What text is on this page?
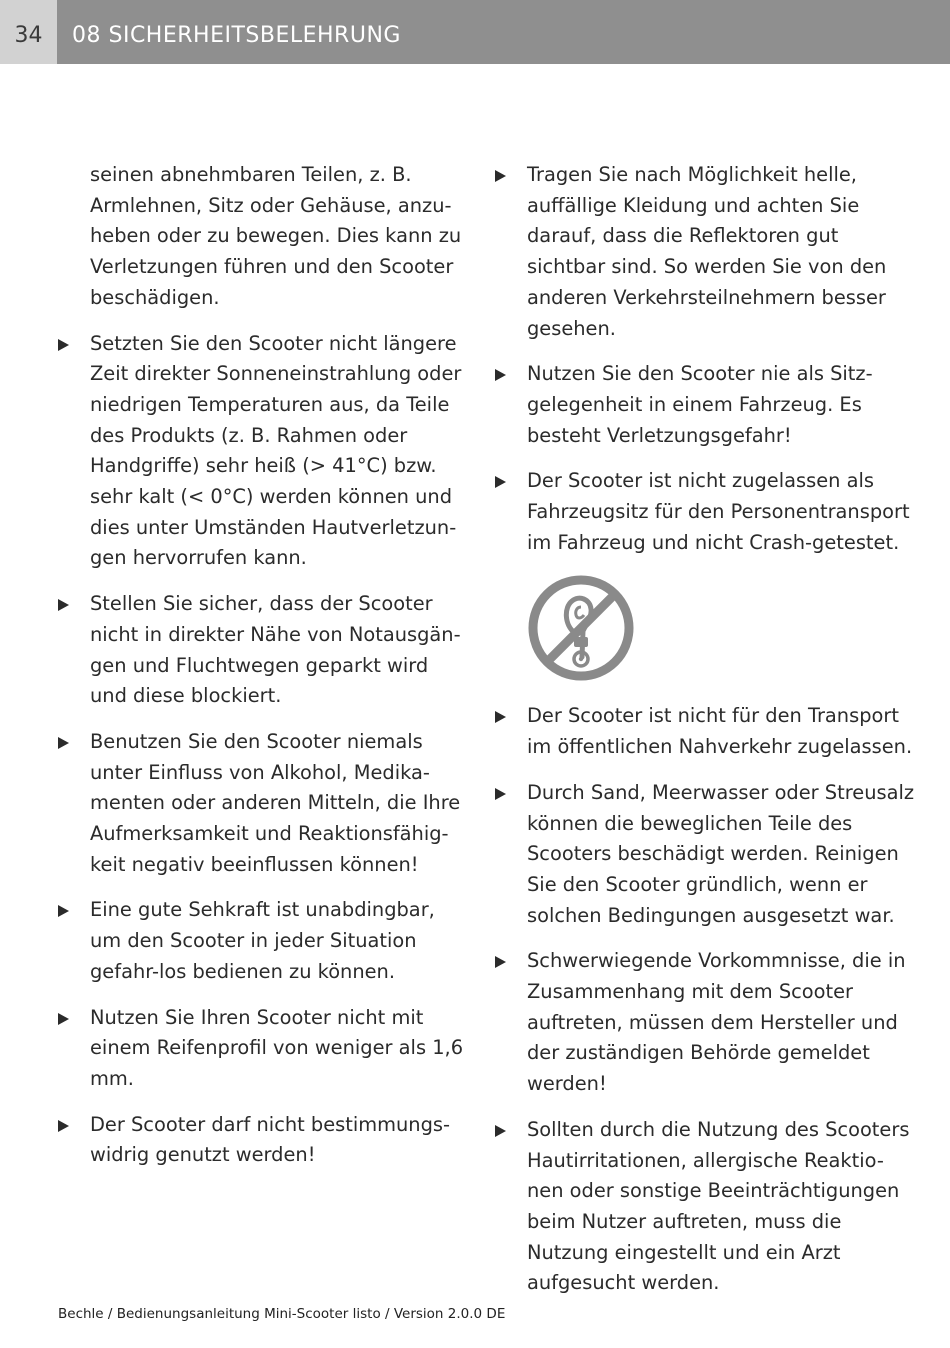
34	08 SICHERHEITSBELEHRUNG

seinen abnehmbaren Teilen, z. B. Armlehnen, Sitz oder Gehäuse, anzu-heben oder zu bewegen. Dies kann zu Verletzungen führen und den Scooter beschädigen.

Setzten Sie den Scooter nicht längere Zeit direkter Sonneneinstrahlung oder niedrigen Temperaturen aus, da Teile des Produkts (z. B. Rahmen oder Handgriffe) sehr heiß (> 41°C) bzw. sehr kalt (< 0°C) werden können und dies unter Umständen Hautverletzun-gen hervorrufen kann.

Stellen Sie sicher, dass der Scooter nicht in direkter Nähe von Notausgän-gen und Fluchtwegen geparkt wird und diese blockiert.

Benutzen Sie den Scooter niemals unter Einfluss von Alkohol, Medika-menten oder anderen Mitteln, die Ihre Aufmerksamkeit und Reaktionsfähig-keit negativ beeinflussen können!

Eine gute Sehkraft ist unabdingbar, um den Scooter in jeder Situation gefahr-los bedienen zu können.

Nutzen Sie Ihren Scooter nicht mit einem Reifenprofil von weniger als 1,6 mm.

Der Scooter darf nicht bestimmungs-widrig genutzt werden!

Tragen Sie nach Möglichkeit helle, auffällige Kleidung und achten Sie darauf, dass die Reflektoren gut sichtbar sind. So werden Sie von den anderen Verkehrsteilnehmern besser gesehen.

Nutzen Sie den Scooter nie als Sitz-gelegenheit in einem Fahrzeug. Es besteht Verletzungsgefahr!

Der Scooter ist nicht zugelassen als Fahrzeugsitz für den Personentransport im Fahrzeug und nicht Crash-getestet.

Der Scooter ist nicht für den Transport im öffentlichen Nahverkehr zugelassen.

Durch Sand, Meerwasser oder Streusalz können die beweglichen Teile des Scooters beschädigt werden. Reinigen Sie den Scooter gründlich, wenn er solchen Bedingungen ausgesetzt war.

Schwerwiegende Vorkommnisse, die in Zusammenhang mit dem Scooter auftreten, müssen dem Hersteller und der zuständigen Behörde gemeldet werden!

Sollten durch die Nutzung des Scooters Hautirritationen, allergische Reaktio-nen oder sonstige Beeinträchtigungen beim Nutzer auftreten, muss die Nutzung eingestellt und ein Arzt aufgesucht werden.

Bechle / Bedienungsanleitung Mini-Scooter listo / Version 2.0.0 DE
